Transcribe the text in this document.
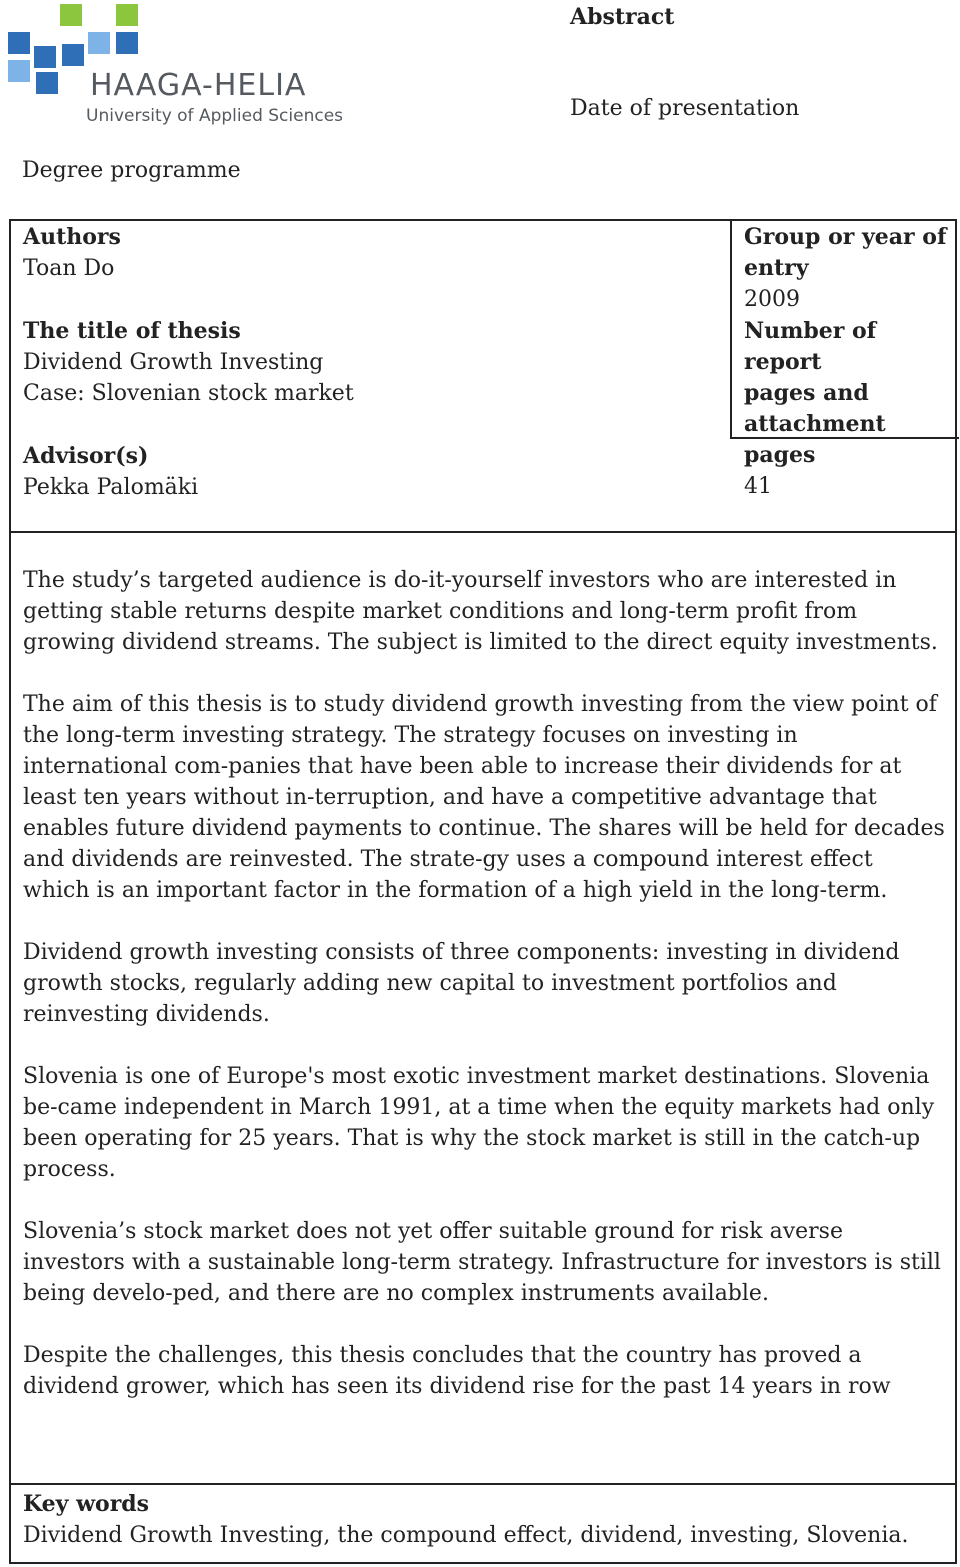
HAAGA-HELIA
University of Applied Sciences
Abstract
Date of presentation
Degree programme
Authors
Toan Do
The title of thesis
Dividend Growth Investing
Case: Slovenian stock market
Advisor(s)
Pekka Palomäki
Group or year of
entry
2009
Number of report
pages and
attachment pages
41

The study’s targeted audience is do-it-yourself investors who are interested in getting stable returns despite market conditions and long-term profit from growing dividend streams. The subject is limited to the direct equity investments.

The aim of this thesis is to study dividend growth investing from the view point of the long-term investing strategy. The strategy focuses on investing in international com-panies that have been able to increase their dividends for at least ten years without in-terruption, and have a competitive advantage that enables future dividend payments to continue. The shares will be held for decades and dividends are reinvested. The strate-gy uses a compound interest effect which is an important factor in the formation of a high yield in the long-term.

Dividend growth investing consists of three components: investing in dividend growth stocks, regularly adding new capital to investment portfolios and reinvesting dividends.

Slovenia is one of Europe's most exotic investment market destinations. Slovenia be-came independent in March 1991, at a time when the equity markets had only been operating for 25 years. That is why the stock market is still in the catch-up process.

Slovenia’s stock market does not yet offer suitable ground for risk averse investors with a sustainable long-term strategy. Infrastructure for investors is still being develo-ped, and there are no complex instruments available.

Despite the challenges, this thesis concludes that the country has proved a dividend grower, which has seen its dividend rise for the past 14 years in row

Key words
Dividend Growth Investing, the compound effect, dividend, investing, Slovenia.
